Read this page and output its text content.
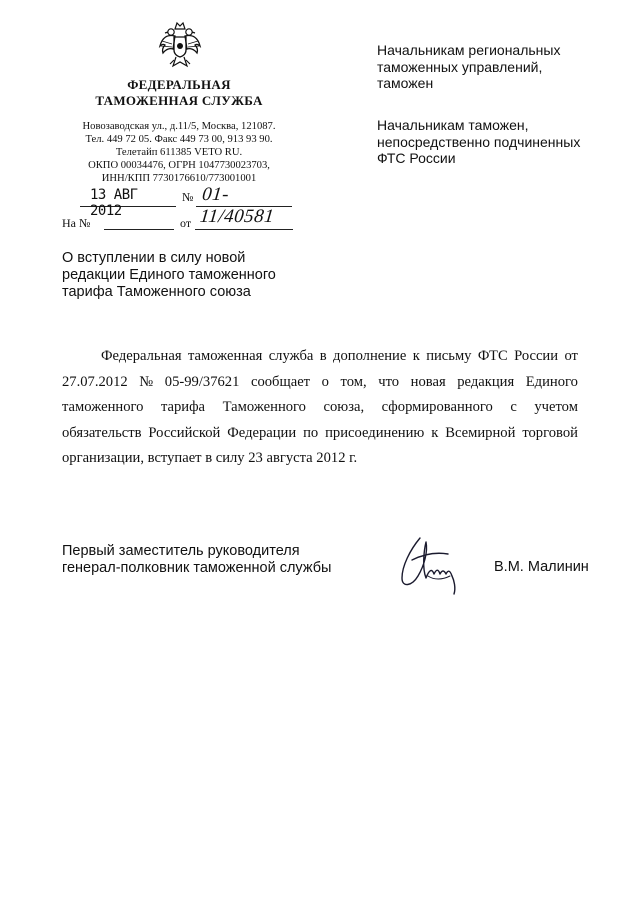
ФЕДЕРАЛЬНАЯ
ТАМОЖЕННАЯ СЛУЖБА
Новозаводская ул., д.11/5, Москва, 121087.
Тел. 449 72 05. Факс 449 73 00, 913 93 90.
Телетайп 611385 VETO RU.
ОКПО 00034476, ОГРН 1047730023703,
ИНН/КПП 7730176610/773001001
13 АВГ 2012
№ 01-11/40581
На №	от
Начальникам региональных
таможенных управлений,
таможен
Начальникам таможен,
непосредственно подчиненных
ФТС России
О вступлении в силу новой
редакции Единого таможенного
тарифа Таможенного союза
Федеральная таможенная служба в дополнение к письму ФТС России от
27.07.2012 № 05-99/37621 сообщает о том, что новая редакция Единого
таможенного тарифа Таможенного союза, сформированного с учетом
обязательств Российской Федерации по присоединению к Всемирной торговой
организации, вступает в силу 23 августа 2012 г.
Первый заместитель руководителя
генерал-полковник таможенной службы	В.М. Малинин
